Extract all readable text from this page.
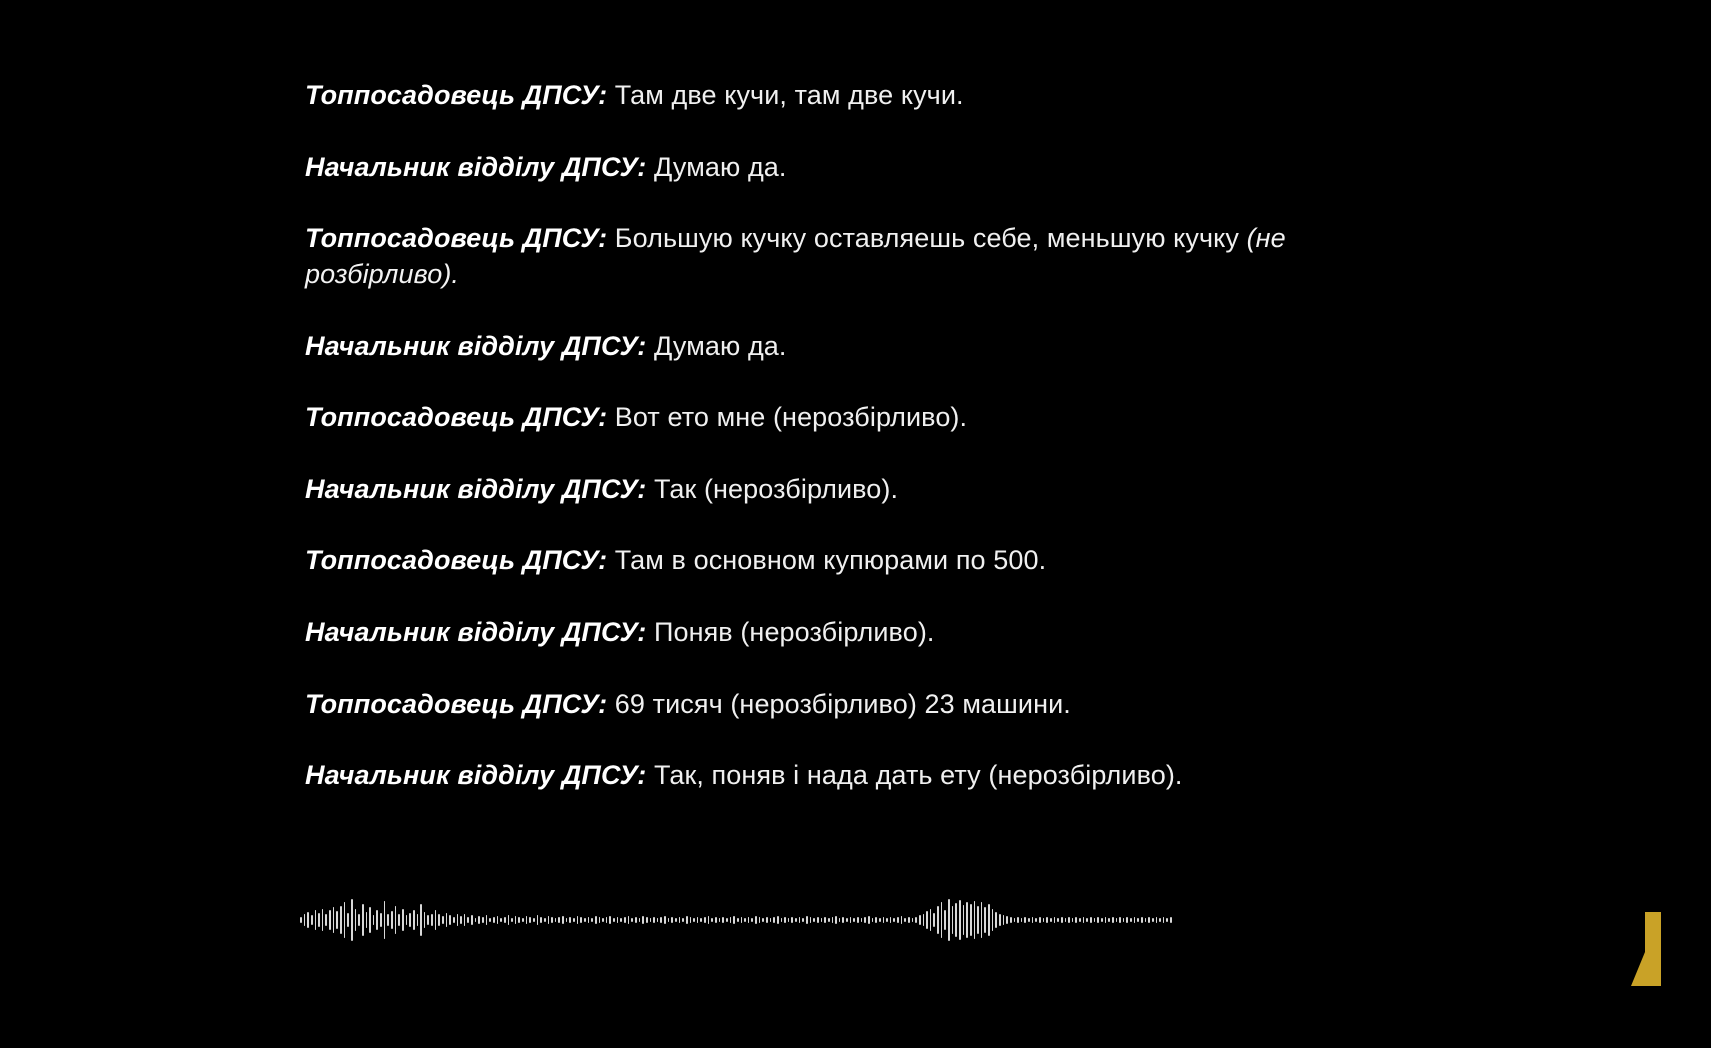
Топпосадовець ДПСУ: Там две кучи, там две кучи.
Начальник відділу ДПСУ: Думаю да.
Топпосадовець ДПСУ: Большую кучку оставляешь себе, меньшую кучку (не розбірливо).
Начальник відділу ДПСУ: Думаю да.
Топпосадовець ДПСУ: Вот ето мне (нерозбірливо).
Начальник відділу ДПСУ: Так (нерозбірливо).
Топпосадовець ДПСУ: Там в основном купюрами по 500.
Начальник відділу ДПСУ: Поняв (нерозбірливо).
Топпосадовець ДПСУ: 69 тисяч (нерозбірливо) 23 машини.
Начальник відділу ДПСУ: Так, поняв і нада дать ету (нерозбірливо).
